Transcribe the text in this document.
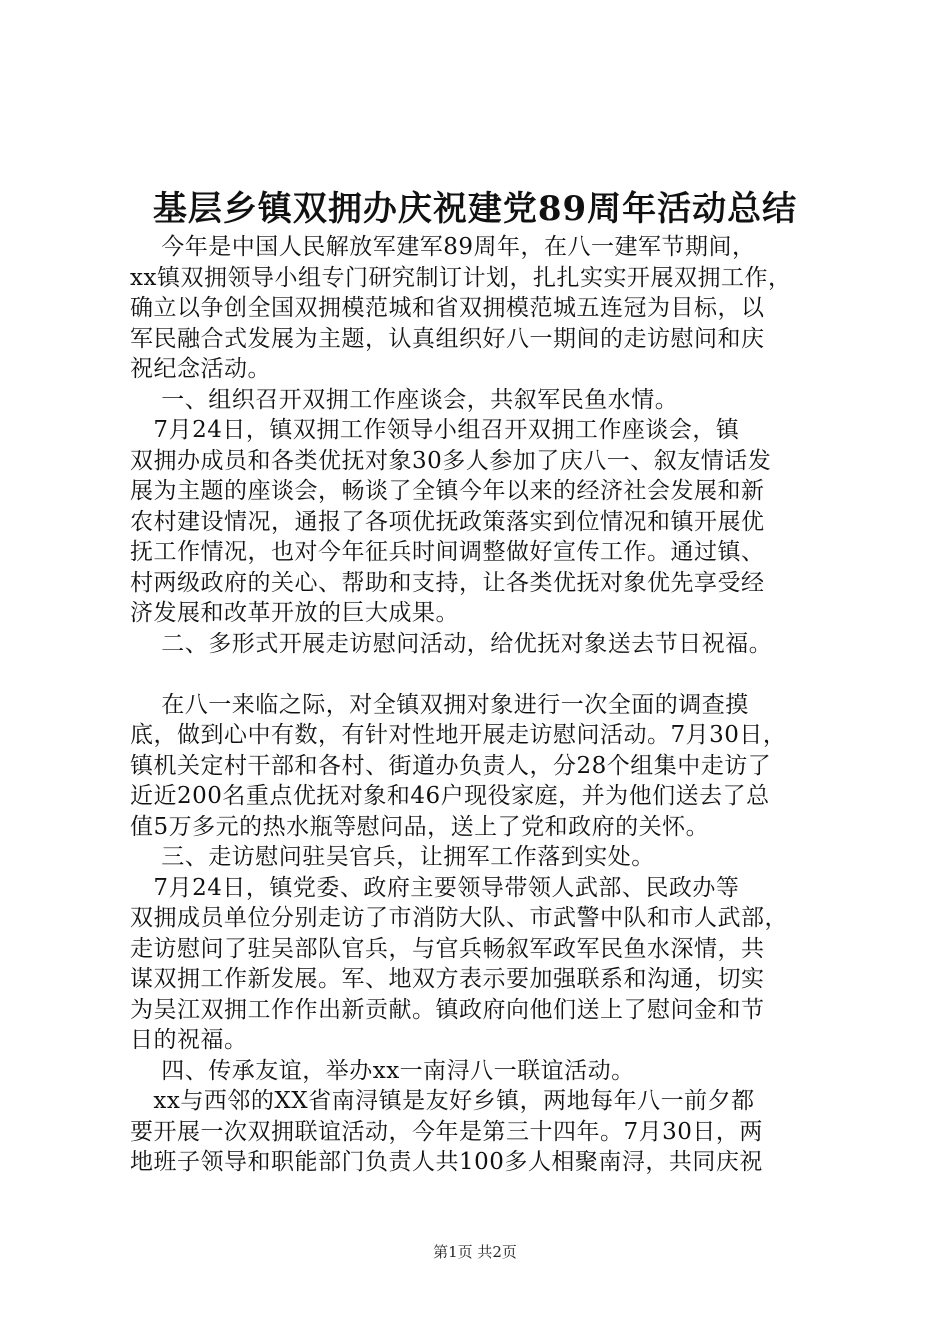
基层乡镇双拥办庆祝建党89周年活动总结
今年是中国人民解放军建军89周年，在八一建军节期间，
xx镇双拥领导小组专门研究制订计划，扎扎实实开展双拥工作，
确立以争创全国双拥模范城和省双拥模范城五连冠为目标，以
军民融合式发展为主题，认真组织好八一期间的走访慰问和庆
祝纪念活动。
一、组织召开双拥工作座谈会，共叙军民鱼水情。
7月24日，镇双拥工作领导小组召开双拥工作座谈会，镇
双拥办成员和各类优抚对象30多人参加了庆八一、叙友情话发
展为主题的座谈会，畅谈了全镇今年以来的经济社会发展和新
农村建设情况，通报了各项优抚政策落实到位情况和镇开展优
抚工作情况，也对今年征兵时间调整做好宣传工作。通过镇、
村两级政府的关心、帮助和支持，让各类优抚对象优先享受经
济发展和改革开放的巨大成果。
二、多形式开展走访慰问活动，给优抚对象送去节日祝福。
在八一来临之际，对全镇双拥对象进行一次全面的调查摸
底，做到心中有数，有针对性地开展走访慰问活动。7月30日，
镇机关定村干部和各村、街道办负责人，分28个组集中走访了
近近200名重点优抚对象和46户现役家庭，并为他们送去了总
值5万多元的热水瓶等慰问品，送上了党和政府的关怀。
三、走访慰问驻吴官兵，让拥军工作落到实处。
7月24日，镇党委、政府主要领导带领人武部、民政办等
双拥成员单位分别走访了市消防大队、市武警中队和市人武部，
走访慰问了驻吴部队官兵，与官兵畅叙军政军民鱼水深情，共
谋双拥工作新发展。军、地双方表示要加强联系和沟通，切实
为吴江双拥工作作出新贡献。镇政府向他们送上了慰问金和节
日的祝福。
四、传承友谊，举办xx一南浔八一联谊活动。
xx与西邻的XX省南浔镇是友好乡镇，两地每年八一前夕都
要开展一次双拥联谊活动，今年是第三十四年。7月30日，两
地班子领导和职能部门负责人共100多人相聚南浔，共同庆祝
第1页 共2页
